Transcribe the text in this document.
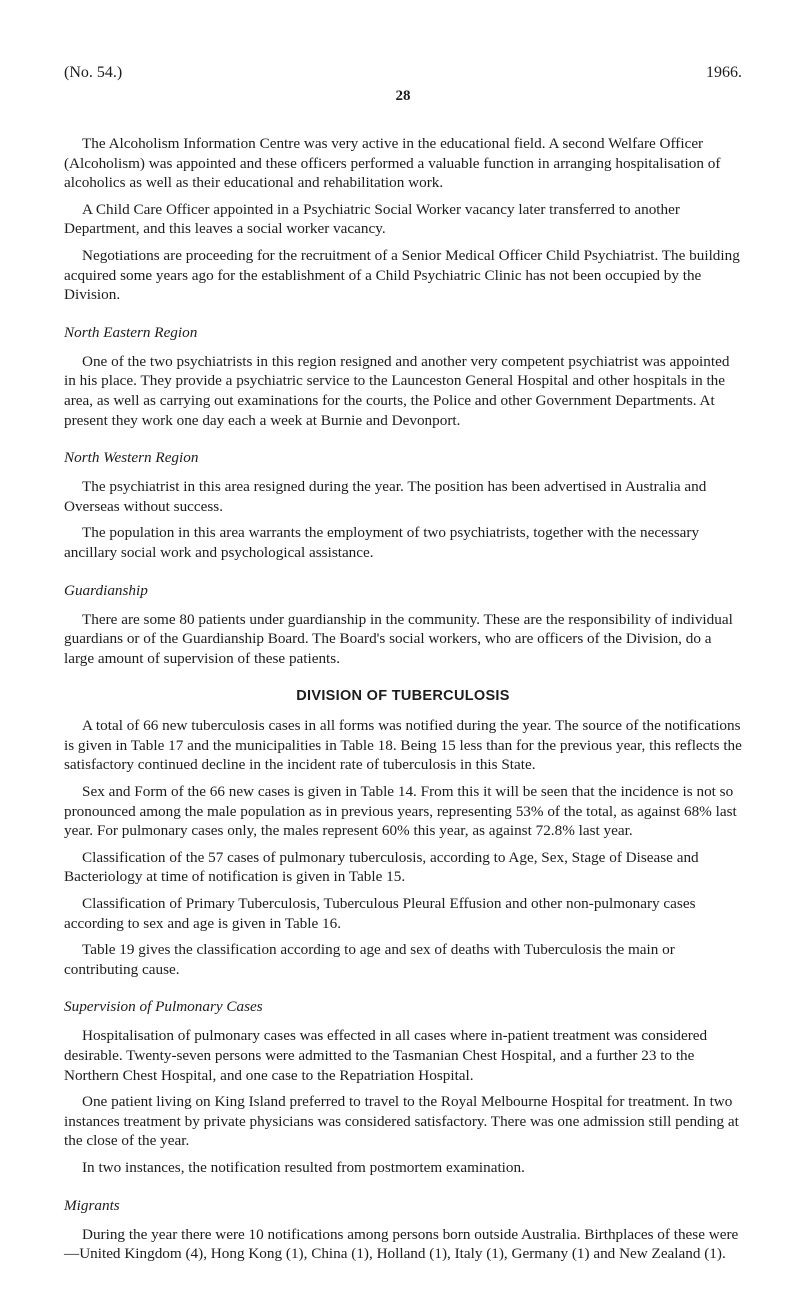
(No. 54.)	1966.
28

The Alcoholism Information Centre was very active in the educational field. A second Welfare Officer (Alcoholism) was appointed and these officers performed a valuable function in arranging hospitalisation of alcoholics as well as their educational and rehabilitation work.

A Child Care Officer appointed in a Psychiatric Social Worker vacancy later transferred to another Department, and this leaves a social worker vacancy.

Negotiations are proceeding for the recruitment of a Senior Medical Officer Child Psychiatrist. The building acquired some years ago for the establishment of a Child Psychiatric Clinic has not been occupied by the Division.

North Eastern Region

One of the two psychiatrists in this region resigned and another very competent psychiatrist was appointed in his place. They provide a psychiatric service to the Launceston General Hospital and other hospitals in the area, as well as carrying out examinations for the courts, the Police and other Government Departments. At present they work one day each a week at Burnie and Devonport.

North Western Region

The psychiatrist in this area resigned during the year. The position has been advertised in Australia and Overseas without success.

The population in this area warrants the employment of two psychiatrists, together with the necessary ancillary social work and psychological assistance.

Guardianship

There are some 80 patients under guardianship in the community. These are the responsibility of individual guardians or of the Guardianship Board. The Board's social workers, who are officers of the Division, do a large amount of supervision of these patients.

DIVISION OF TUBERCULOSIS

A total of 66 new tuberculosis cases in all forms was notified during the year. The source of the notifications is given in Table 17 and the municipalities in Table 18. Being 15 less than for the previous year, this reflects the satisfactory continued decline in the incident rate of tuberculosis in this State.

Sex and Form of the 66 new cases is given in Table 14. From this it will be seen that the incidence is not so pronounced among the male population as in previous years, representing 53% of the total, as against 68% last year. For pulmonary cases only, the males represent 60% this year, as against 72.8% last year.

Classification of the 57 cases of pulmonary tuberculosis, according to Age, Sex, Stage of Disease and Bacteriology at time of notification is given in Table 15.

Classification of Primary Tuberculosis, Tuberculous Pleural Effusion and other non-pulmonary cases according to sex and age is given in Table 16.

Table 19 gives the classification according to age and sex of deaths with Tuberculosis the main or contributing cause.

Supervision of Pulmonary Cases

Hospitalisation of pulmonary cases was effected in all cases where in-patient treatment was considered desirable. Twenty-seven persons were admitted to the Tasmanian Chest Hospital, and a further 23 to the Northern Chest Hospital, and one case to the Repatriation Hospital.

One patient living on King Island preferred to travel to the Royal Melbourne Hospital for treatment. In two instances treatment by private physicians was considered satisfactory. There was one admission still pending at the close of the year.

In two instances, the notification resulted from postmortem examination.

Migrants

During the year there were 10 notifications among persons born outside Australia. Birthplaces of these were—United Kingdom (4), Hong Kong (1), China (1), Holland (1), Italy (1), Germany (1) and New Zealand (1).
